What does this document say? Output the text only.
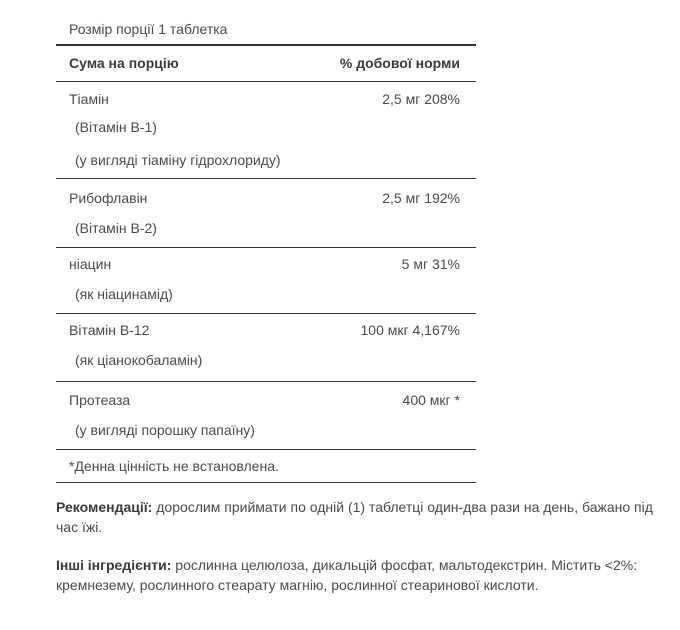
Розмір порції 1 таблетка
Сума на порцію	% добової норми
Тіамін	2,5 мг 208%
(Вітамін B-1)
(у вигляді тіаміну гідрохлориду)
Рибофлавін	2,5 мг 192%
(Вітамін B-2)
ніацин	5 мг 31%
(як ніацинамід)
Вітамін B-12	100 мкг 4,167%
(як ціанокобаламін)
Протеаза	400 мкг *
(у вигляді порошку папаїну)
*Денна цінність не встановлена.
Рекомендації: дорослим приймати по одній (1) таблетці один-два рази на день, бажано під час їжі.
Інші інгредієнти: рослинна целюлоза, дикальцій фосфат, мальтодекстрин. Містить <2%: кремнезему, рослинного стеарату магнію, рослинної стеаринової кислоти.
